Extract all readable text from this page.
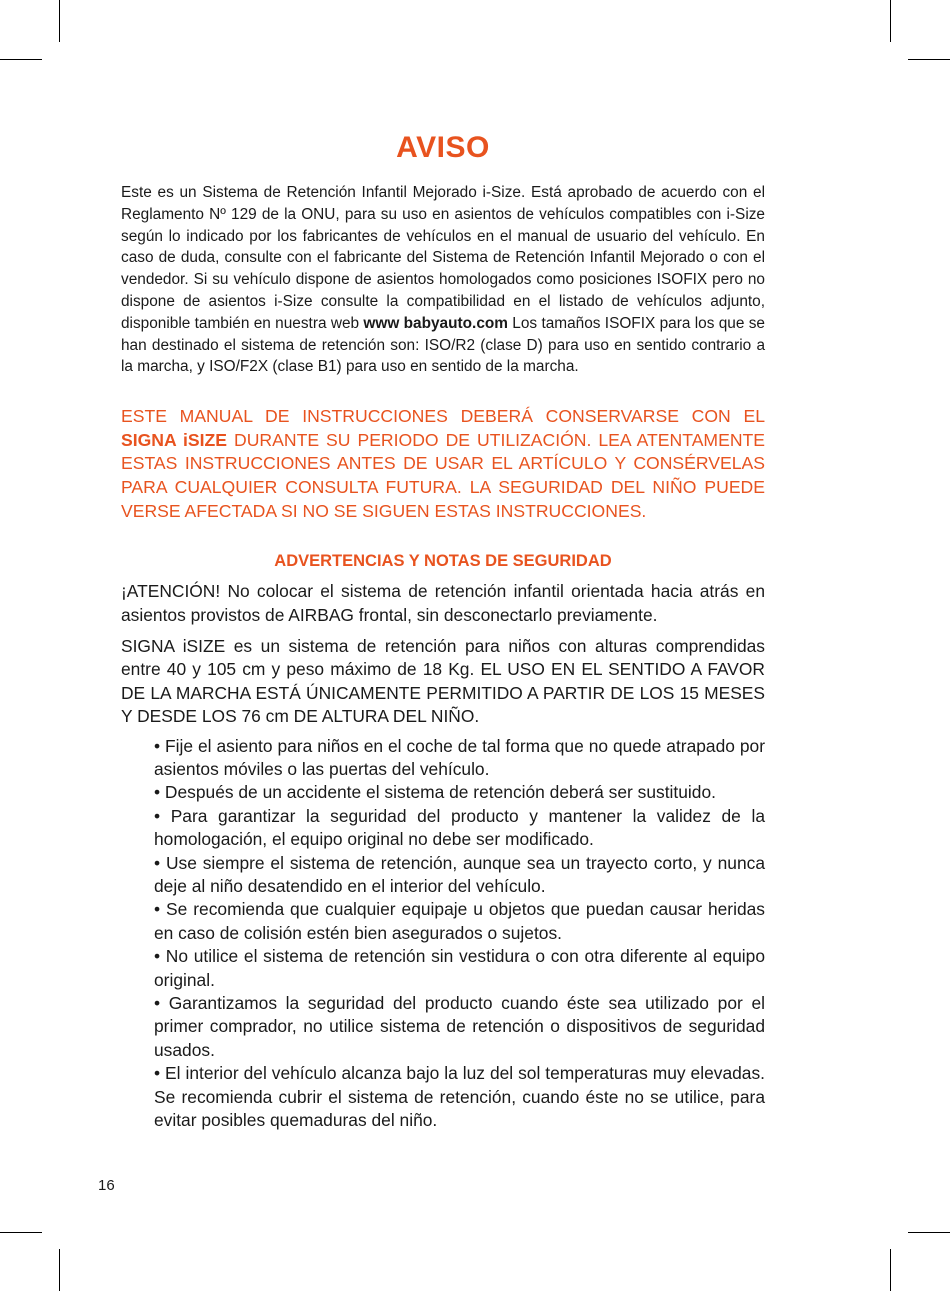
AVISO

Este es un Sistema de Retención Infantil Mejorado i-Size. Está aprobado de acuerdo con el Reglamento Nº 129 de la ONU, para su uso en asientos de vehículos compatibles con i-Size según lo indicado por los fabricantes de vehículos en el manual de usuario del vehículo. En caso de duda, consulte con el fabricante del Sistema de Retención Infantil Mejorado o con el vendedor. Si su vehículo dispone de asientos homologados como posiciones ISOFIX pero no dispone de asientos i-Size consulte la compatibilidad en el listado de vehículos adjunto, disponible también en nuestra web www babyauto.com Los tamaños ISOFIX para los que se han destinado el sistema de retención son: ISO/R2 (clase D) para uso en sentido contrario a la marcha, y ISO/F2X (clase B1) para uso en sentido de la marcha.

ESTE MANUAL DE INSTRUCCIONES DEBERÁ CONSERVARSE CON EL SIGNA iSIZE DURANTE SU PERIODO DE UTILIZACIÓN. LEA ATENTAMENTE ESTAS INSTRUCCIONES ANTES DE USAR EL ARTÍCULO Y CONSÉRVELAS PARA CUALQUIER CONSULTA FUTURA. LA SEGURIDAD DEL NIÑO PUEDE VERSE AFECTADA SI NO SE SIGUEN ESTAS INSTRUCCIONES.

ADVERTENCIAS Y NOTAS DE SEGURIDAD

¡ATENCIÓN! No colocar el sistema de retención infantil orientada hacia atrás en asientos provistos de AIRBAG frontal, sin desconectarlo previamente.

SIGNA iSIZE es un sistema de retención para niños con alturas comprendidas entre 40 y 105 cm y peso máximo de 18 Kg. EL USO EN EL SENTIDO A FAVOR DE LA MARCHA ESTÁ ÚNICAMENTE PERMITIDO A PARTIR DE LOS 15 MESES Y DESDE LOS 76 cm DE ALTURA DEL NIÑO.

• Fije el asiento para niños en el coche de tal forma que no quede atrapado por asientos móviles o las puertas del vehículo.
• Después de un accidente el sistema de retención deberá ser sustituido.
• Para garantizar la seguridad del producto y mantener la validez de la homologación, el equipo original no debe ser modificado.
• Use siempre el sistema de retención, aunque sea un trayecto corto, y nunca deje al niño desatendido en el interior del vehículo.
• Se recomienda que cualquier equipaje u objetos que puedan causar heridas en caso de colisión estén bien asegurados o sujetos.
• No utilice el sistema de retención sin vestidura o con otra diferente al equipo original.
• Garantizamos la seguridad del producto cuando éste sea utilizado por el primer comprador, no utilice sistema de retención o dispositivos de seguridad usados.
• El interior del vehículo alcanza bajo la luz del sol temperaturas muy elevadas. Se recomienda cubrir el sistema de retención, cuando éste no se utilice, para evitar posibles quemaduras del niño.
16
